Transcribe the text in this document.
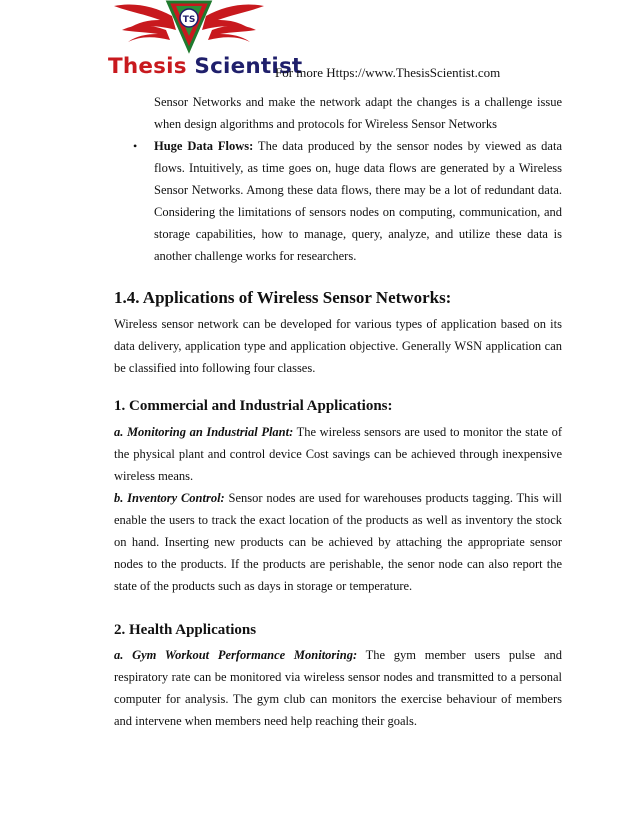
TS
Thesis Scientist
For more Https://www.ThesisScientist.com

Sensor Networks and make the network adapt the changes is a challenge issue when design algorithms and protocols for Wireless Sensor Networks

• Huge Data Flows: The data produced by the sensor nodes by viewed as data flows. Intuitively, as time goes on, huge data flows are generated by a Wireless Sensor Networks. Among these data flows, there may be a lot of redundant data. Considering the limitations of sensors nodes on computing, communication, and storage capabilities, how to manage, query, analyze, and utilize these data is another challenge works for researchers.

1.4. Applications of Wireless Sensor Networks:

Wireless sensor network can be developed for various types of application based on its data delivery, application type and application objective. Generally WSN application can be classified into following four classes.

1. Commercial and Industrial Applications:

a. Monitoring an Industrial Plant: The wireless sensors are used to monitor the state of the physical plant and control device Cost savings can be achieved through inexpensive wireless means.

b. Inventory Control: Sensor nodes are used for warehouses products tagging. This will enable the users to track the exact location of the products as well as inventory the stock on hand. Inserting new products can be achieved by attaching the appropriate sensor nodes to the products. If the products are perishable, the senor node can also report the state of the products such as days in storage or temperature.

2. Health Applications

a. Gym Workout Performance Monitoring: The gym member users pulse and respiratory rate can be monitored via wireless sensor nodes and transmitted to a personal computer for analysis. The gym club can monitors the exercise behaviour of members and intervene when members need help reaching their goals.
